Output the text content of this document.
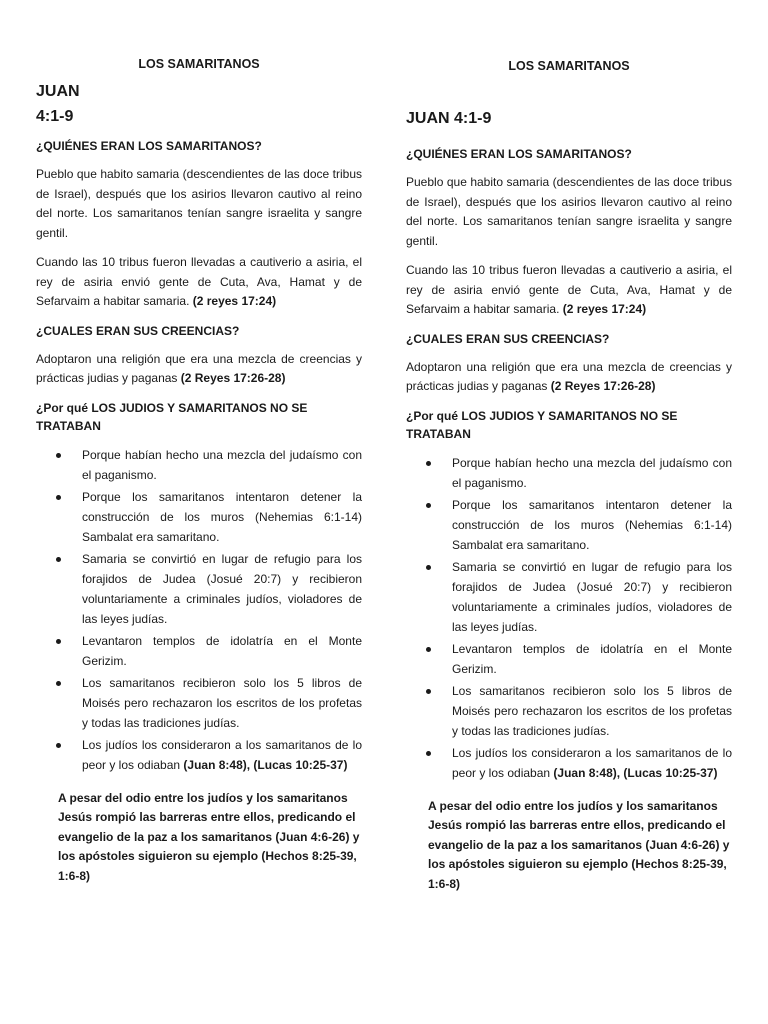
LOS SAMARITANOS

JUAN

4:1-9

¿QUIÉNES ERAN LOS SAMARITANOS?

Pueblo que habito samaria (descendientes de las doce tribus de Israel), después que los asirios llevaron cautivo al reino del norte. Los samaritanos tenían sangre israelita y sangre gentil.

Cuando las 10 tribus fueron llevadas a cautiverio a asiria, el rey de asiria envió gente de Cuta, Ava, Hamat y de Sefarvaim a habitar samaria. (2 reyes 17:24)

¿CUALES ERAN SUS CREENCIAS?

Adoptaron una religión que era una mezcla de creencias y prácticas judias y paganas (2 Reyes 17:26-28)

¿Por qué LOS JUDIOS Y SAMARITANOS NO SE TRATABAN

Porque habían hecho una mezcla del judaísmo con el paganismo.
Porque los samaritanos intentaron detener la construcción de los muros (Nehemias 6:1-14) Sambalat era samaritano.
Samaria se convirtió en lugar de refugio para los forajidos de Judea (Josué 20:7) y recibieron voluntariamente a criminales judíos, violadores de las leyes judías.
Levantaron templos de idolatría en el Monte Gerizim.
Los samaritanos recibieron solo los 5 libros de Moisés pero rechazaron los escritos de los profetas y todas las tradiciones judías.
Los judíos los consideraron a los samaritanos de lo peor y los odiaban (Juan 8:48), (Lucas 10:25-37)

A pesar del odio entre los judíos y los samaritanos Jesús rompió las barreras entre ellos, predicando el evangelio de la paz a los samaritanos (Juan 4:6-26) y los apóstoles siguieron su ejemplo (Hechos 8:25-39, 1:6-8)

LOS SAMARITANOS

JUAN 4:1-9

¿QUIÉNES ERAN LOS SAMARITANOS?

Pueblo que habito samaria (descendientes de las doce tribus de Israel), después que los asirios llevaron cautivo al reino del norte. Los samaritanos tenían sangre israelita y sangre gentil.

Cuando las 10 tribus fueron llevadas a cautiverio a asiria, el rey de asiria envió gente de Cuta, Ava, Hamat y de Sefarvaim a habitar samaria. (2 reyes 17:24)

¿CUALES ERAN SUS CREENCIAS?

Adoptaron una religión que era una mezcla de creencias y prácticas judias y paganas (2 Reyes 17:26-28)

¿Por qué LOS JUDIOS Y SAMARITANOS NO SE TRATABAN

Porque habían hecho una mezcla del judaísmo con el paganismo.
Porque los samaritanos intentaron detener la construcción de los muros (Nehemias 6:1-14) Sambalat era samaritano.
Samaria se convirtió en lugar de refugio para los forajidos de Judea (Josué 20:7) y recibieron voluntariamente a criminales judíos, violadores de las leyes judías.
Levantaron templos de idolatría en el Monte Gerizim.
Los samaritanos recibieron solo los 5 libros de Moisés pero rechazaron los escritos de los profetas y todas las tradiciones judías.
Los judíos los consideraron a los samaritanos de lo peor y los odiaban (Juan 8:48), (Lucas 10:25-37)

A pesar del odio entre los judíos y los samaritanos Jesús rompió las barreras entre ellos, predicando el evangelio de la paz a los samaritanos (Juan 4:6-26) y los apóstoles siguieron su ejemplo (Hechos 8:25-39, 1:6-8)
